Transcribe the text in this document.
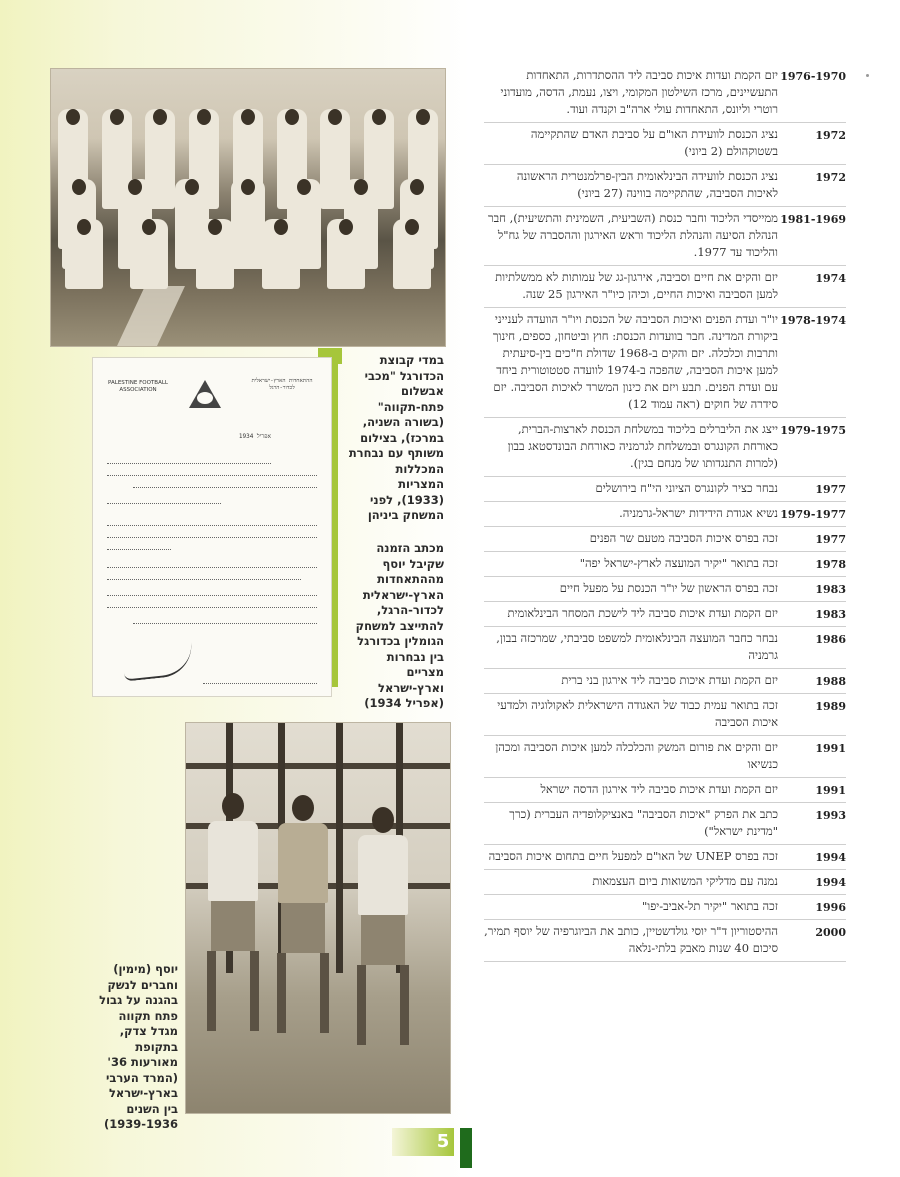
במדי קבוצת הכדורגל "מכבי אבשלום פתח-תקווה" (בשורה השניה, במרכז), בצילום משותף עם נבחרת המכללות המצריות (1933), לפני המשחק ביניהן
PALESTINE FOOTBALL ASSOCIATION
ההתאחדות הארץ-ישראלית לכדור-הרגל
אפריל 1934
מכתב הזמנה שקיבל יוסף מההתאחדות הארץ-ישראלית לכדור-הרגל, להתייצב למשחק הגומלין בכדורגל בין נבחרות מצריים וארץ-ישראל (אפריל 1934)
יוסף (מימין) וחברים לנשק בהגנה על גבול פתח תקווה מגדל צדק, בתקופת מאורעות 36' (המרד הערבי בארץ-ישראל בין השנים 1939-1936)
1976-1970
יזם הקמת ועדות איכות סביבה ליד ההסתדרות, התאחדות התעשיינים, מרכז השילטון המקומי, ויצו, נעמת, הדסה, מועדוני רוטרי וליונס, התאחדות עולי ארה"ב וקנדה ועוד.
1972
נציג הכנסת לוועידת האו"ם על סביבת האדם שהתקיימה בשטוקהולם (2 ביוני)
1972
נציג הכנסת לוועידה הבינלאומית הבין-פרלמנטרית הראשונה לאיכות הסביבה, שהתקיימה בווינה (27 ביוני)
1981-1969
ממייסדי הליכוד וחבר כנסת (השביעית, השמינית והתשיעית), חבר הנהלת הסיעה והנהלת הליכוד וראש האירגון וההסברה של גח"ל והליכוד עד 1977.
1974
יזם והקים את חיים וסביבה, אירגון-גג של עמותות לא ממשלתיות למען הסביבה ואיכות החיים, וכיהן כיו"ר האירגון 25 שנה.
1978-1974
יו"ר ועדת הפנים ואיכות הסביבה של הכנסת ויו"ר הוועדה לענייני ביקורת המדינה. חבר בוועדות הכנסת: חוץ וביטחון, כספים, חינוך ותרבות וכלכלה. יזם והקים ב-1968 שדולת ח"כים בין-סיעתית למען איכות הסביבה, שהפכה ב-1974 לוועדה סטטוטורית ביחד עם ועדת הפנים. תבע ויזם את כינון המשרד לאיכות הסביבה. יזם סידרה של חוקים (ראה עמוד 12)
1979-1975
ייצג את הליברלים בליכוד במשלחת הכנסת לארצות-הברית, כאורחת הקונגרס ובמשלחת לגרמניה כאורחת הבונדסטאג בבון (למרות התנגדותו של מנחם בגין).
1977
נבחר כציר לקונגרס הציוני הי"ח בירושלים
1979-1977
נשיא אגודת הידידות ישראל-גרמניה.
1977
זכה בפרס איכות הסביבה מטעם שר הפנים
1978
זכה בתואר "יקיר המועצה לארץ-ישראל יפה"
1983
זכה בפרס הראשון של יו"ר הכנסת על מפעל חיים
1983
יזם הקמת ועדת איכות סביבה ליד לישכת המסחר הבינלאומית
1986
נבחר כחבר המועצה הבינלאומית למשפט סביבתי, שמרכזה בבון, גרמניה
1988
יזם הקמת ועדת איכות סביבה ליד אירגון בני ברית
1989
זכה בתואר עמית כבוד של האגודה הישראלית לאקולוגיה ולמדעי איכות הסביבה
1991
יזם והקים את פורום המשק והכלכלה למען איכות הסביבה ומכהן כנשיאו
1991
יזם הקמת ועדת איכות סביבה ליד אירגון הדסה ישראל
1993
כתב את הפרק "איכות הסביבה" באנציקלופדיה העברית (כרך "מדינת ישראל")
1994
זכה בפרס UNEP של האו"ם למפעל חיים בתחום איכות הסביבה
1994
נמנה עם מדליקי המשואות ביום העצמאות
1996
זכה בתואר "יקיר תל-אביב-יפו"
2000
ההיסטוריון ד"ר יוסי גולדשטיין, כותב את הביוגרפיה של יוסף תמיר, סיכום 40 שנות מאבק בלתי-נלאה
5
